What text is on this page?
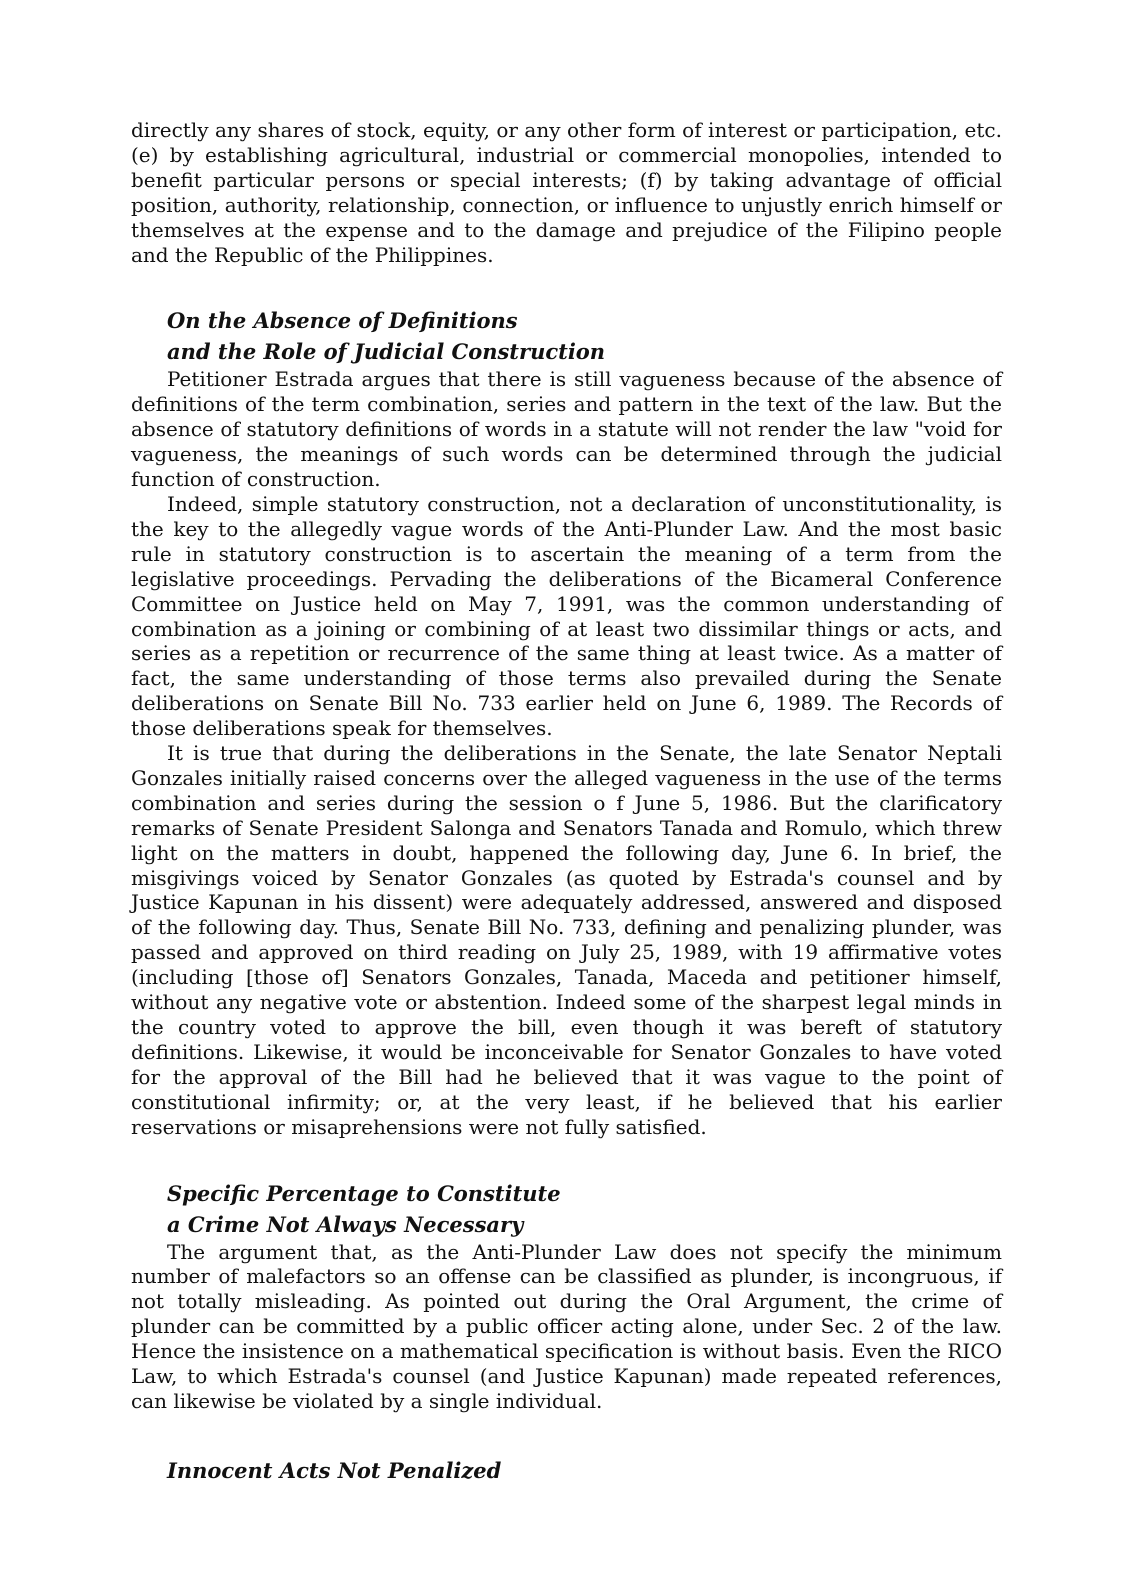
directly any shares of stock, equity, or any other form of interest or participation, etc. (e) by establishing agricultural, industrial or commercial monopolies, intended to benefit particular persons or special interests; (f) by taking advantage of official position, authority, relationship, connection, or influence to unjustly enrich himself or themselves at the expense and to the damage and prejudice of the Filipino people and the Republic of the Philippines.

On the Absence of Definitions
and the Role of Judicial Construction

Petitioner Estrada argues that there is still vagueness because of the absence of definitions of the term combination, series and pattern in the text of the law. But the absence of statutory definitions of words in a statute will not render the law "void for vagueness, the meanings of such words can be determined through the judicial function of construction.

Indeed, simple statutory construction, not a declaration of unconstitutionality, is the key to the allegedly vague words of the Anti-Plunder Law. And the most basic rule in statutory construction is to ascertain the meaning of a term from the legislative proceedings. Pervading the deliberations of the Bicameral Conference Committee on Justice held on May 7, 1991, was the common understanding of combination as a joining or combining of at least two dissimilar things or acts, and series as a repetition or recurrence of the same thing at least twice. As a matter of fact, the same understanding of those terms also prevailed during the Senate deliberations on Senate Bill No. 733 earlier held on June 6, 1989. The Records of those deliberations speak for themselves.

It is true that during the deliberations in the Senate, the late Senator Neptali Gonzales initially raised concerns over the alleged vagueness in the use of the terms combination and series during the session o f June 5, 1986. But the clarificatory remarks of Senate President Salonga and Senators Tanada and Romulo, which threw light on the matters in doubt, happened the following day, June 6. In brief, the misgivings voiced by Senator Gonzales (as quoted by Estrada's counsel and by Justice Kapunan in his dissent) were adequately addressed, answered and disposed of the following day. Thus, Senate Bill No. 733, defining and penalizing plunder, was passed and approved on third reading on July 25, 1989, with 19 affirmative votes (including [those of] Senators Gonzales, Tanada, Maceda and petitioner himself, without any negative vote or abstention. Indeed some of the sharpest legal minds in the country voted to approve the bill, even though it was bereft of statutory definitions. Likewise, it would be inconceivable for Senator Gonzales to have voted for the approval of the Bill had he believed that it was vague to the point of constitutional infirmity; or, at the very least, if he believed that his earlier reservations or misaprehensions were not fully satisfied.

Specific Percentage to Constitute
a Crime Not Always Necessary

The argument that, as the Anti-Plunder Law does not specify the minimum number of malefactors so an offense can be classified as plunder, is incongruous, if not totally misleading. As pointed out during the Oral Argument, the crime of plunder can be committed by a public officer acting alone, under Sec. 2 of the law. Hence the insistence on a mathematical specification is without basis. Even the RICO Law, to which Estrada's counsel (and Justice Kapunan) made repeated references, can likewise be violated by a single individual.

Innocent Acts Not Penalized
